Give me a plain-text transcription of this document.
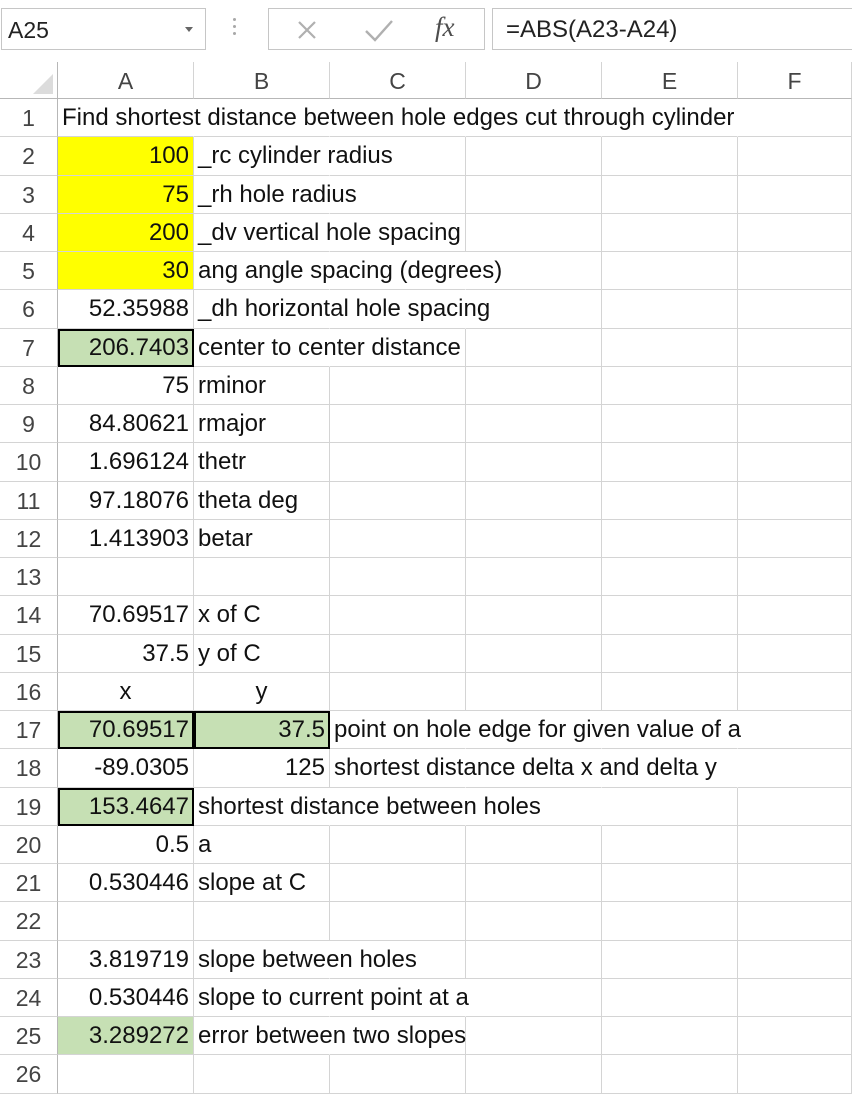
A25	fx =ABS(A23-A24)
A	B	C	D	E	F
1	Find shortest distance between hole edges cut through cylinder
2	100 _rc cylinder radius
3	75 _rh hole radius
4	200 _dv vertical hole spacing
5	30 ang angle spacing (degrees)
6	52.35988 _dh horizontal hole spacing
7	206.7403 center to center distance
8	75 rminor
9	84.80621 rmajor
10	1.696124 thetr
11	97.18076 theta deg
12	1.413903 betar
13
14	70.69517 x of C
15	37.5 y of C
16	x	y
17	70.69517	37.5 point on hole edge for given value of a
18	-89.0305	125 shortest distance delta x and delta y
19	153.4647 shortest distance between holes
20	0.5 a
21	0.530446 slope at C
22
23	3.819719 slope between holes
24	0.530446 slope to current point at a
25	3.289272 error between two slopes
26
